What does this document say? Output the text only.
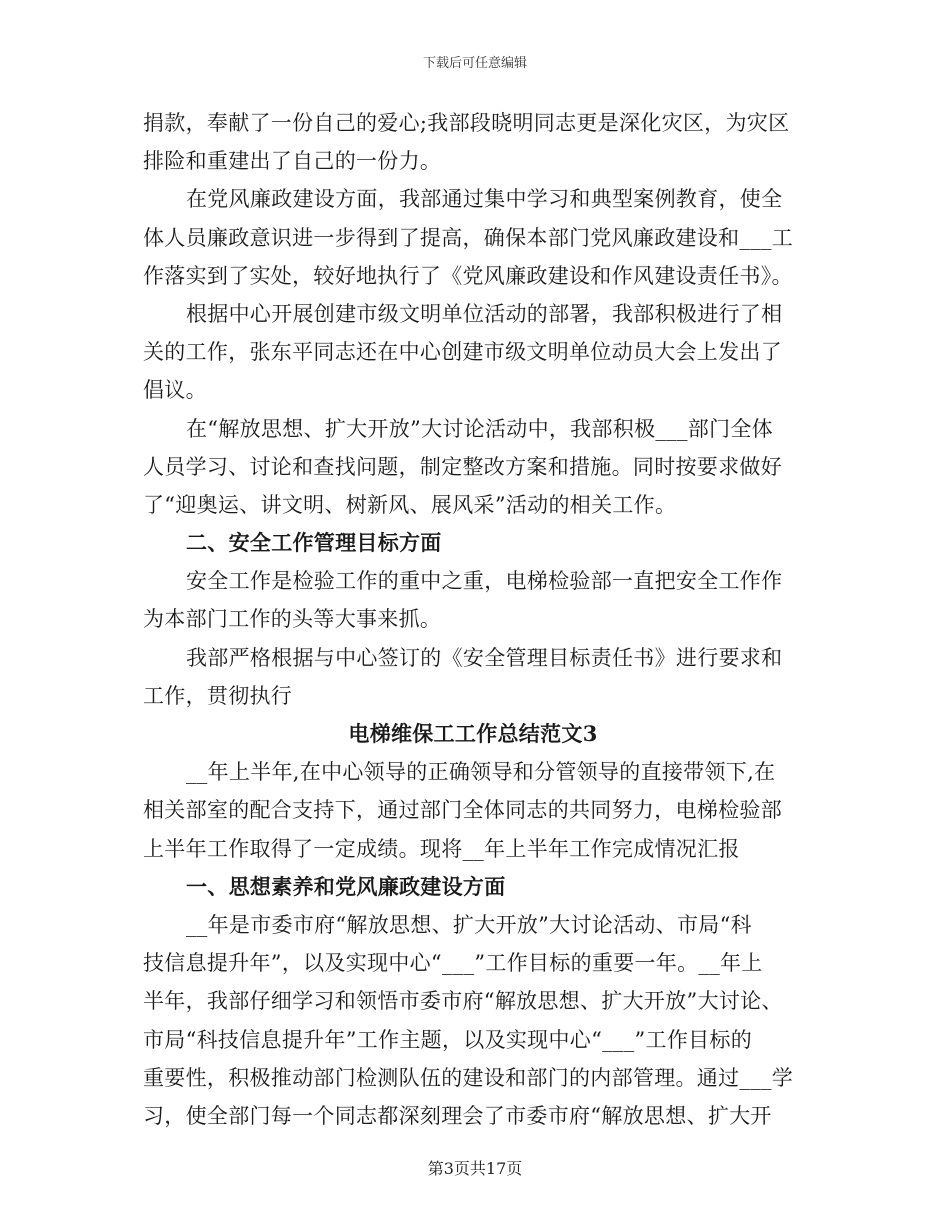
下载后可任意编辑
捐款，奉献了一份自己的爱心;我部段晓明同志更是深化灾区，为灾区
排险和重建出了自己的一份力。
在党风廉政建设方面，我部通过集中学习和典型案例教育，使全
体人员廉政意识进一步得到了提高，确保本部门党风廉政建设和___工
作落实到了实处，较好地执行了《党风廉政建设和作风建设责任书》。
根据中心开展创建市级文明单位活动的部署，我部积极进行了相
关的工作，张东平同志还在中心创建市级文明单位动员大会上发出了
倡议。
在“解放思想、扩大开放”大讨论活动中，我部积极___部门全体
人员学习、讨论和查找问题，制定整改方案和措施。同时按要求做好
了“迎奥运、讲文明、树新风、展风采”活动的相关工作。
二、安全工作管理目标方面
安全工作是检验工作的重中之重，电梯检验部一直把安全工作作
为本部门工作的头等大事来抓。
我部严格根据与中心签订的《安全管理目标责任书》进行要求和
工作，贯彻执行
电梯维保工工作总结范文3
__年上半年,在中心领导的正确领导和分管领导的直接带领下,在
相关部室的配合支持下，通过部门全体同志的共同努力，电梯检验部
上半年工作取得了一定成绩。现将__年上半年工作完成情况汇报
一、思想素养和党风廉政建设方面
__年是市委市府“解放思想、扩大开放”大讨论活动、市局“科
技信息提升年”，以及实现中心“___”工作目标的重要一年。__年上
半年，我部仔细学习和领悟市委市府“解放思想、扩大开放”大讨论、
市局“科技信息提升年”工作主题，以及实现中心“___”工作目标的
重要性，积极推动部门检测队伍的建设和部门的内部管理。通过___学
习，使全部门每一个同志都深刻理会了市委市府“解放思想、扩大开
第3页共17页
